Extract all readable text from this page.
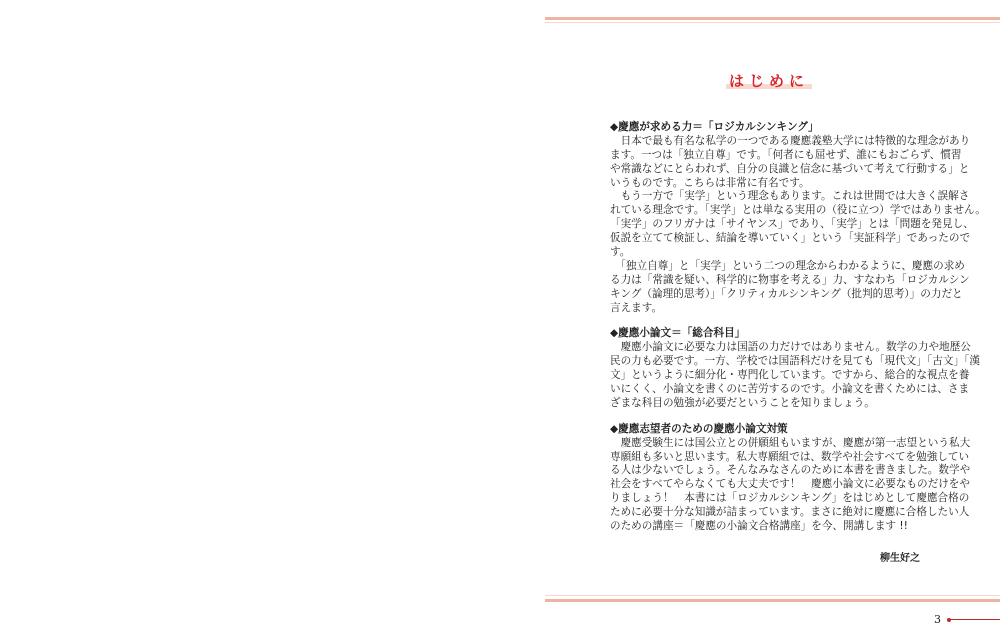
はじめに
◆慶應が求める力＝「ロジカルシンキング」
　日本で最も有名な私学の一つである慶應義塾大学には特徴的な理念があり
ます。一つは「独立自尊」です。「何者にも屈せず、誰にもおごらず、慣習
や常識などにとらわれず、自分の良識と信念に基づいて考えて行動する」と
いうものです。こちらは非常に有名です。
　もう一方で「実学」という理念もあります。これは世間では大きく誤解さ
れている理念です。「実学」とは単なる実用の（役に立つ）学ではありません。
「実学」のフリガナは「サイヤンス」であり、「実学」とは「問題を発見し、
仮説を立てて検証し、結論を導いていく」という「実証科学」であったので
す。
　「独立自尊」と「実学」という二つの理念からわかるように、慶應の求め
る力は「常識を疑い、科学的に物事を考える」力、すなわち「ロジカルシン
キング（論理的思考）」「クリティカルシンキング（批判的思考）」の力だと
言えます。
◆慶應小論文＝「総合科目」
　慶應小論文に必要な力は国語の力だけではありません。数学の力や地歴公
民の力も必要です。一方、学校では国語科だけを見ても「現代文」「古文」「漢
文」というように細分化・専門化しています。ですから、総合的な視点を養
いにくく、小論文を書くのに苦労するのです。小論文を書くためには、さま
ざまな科目の勉強が必要だということを知りましょう。
◆慶應志望者のための慶應小論文対策
　慶應受験生には国公立との併願組もいますが、慶應が第一志望という私大
専願組も多いと思います。私大専願組では、数学や社会すべてを勉強してい
る人は少ないでしょう。そんなみなさんのために本書を書きました。数学や
社会をすべてやらなくても大丈夫です！　慶應小論文に必要なものだけをや
りましょう！　本書には「ロジカルシンキング」をはじめとして慶應合格の
ために必要十分な知識が詰まっています。まさに絶対に慶應に合格したい人
のための講座＝「慶應の小論文合格講座」を今、開講します !!
柳生好之
3
